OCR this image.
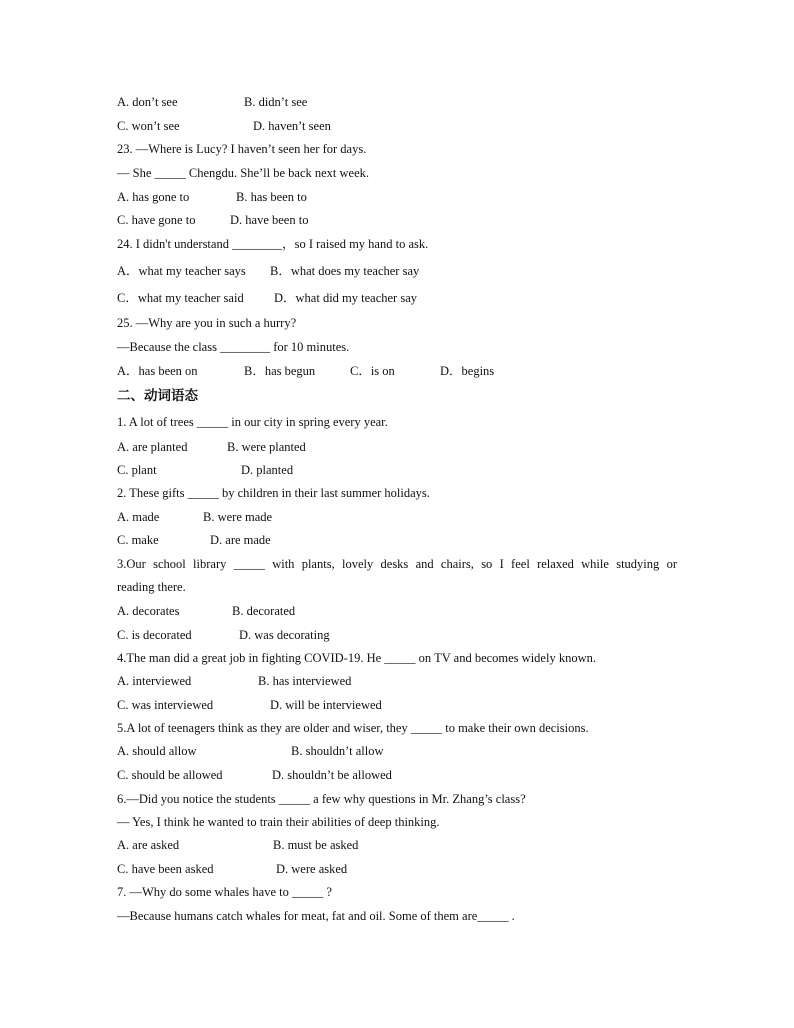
A. don’t see	B. didn’t see
C. won’t see	D. haven’t seen
23. —Where is Lucy? I haven’t seen her for days.
— She _____ Chengdu. She’ll be back next week.
A. has gone to	B. has been to
C. have gone to	D. have been to
24. I didn't understand ________，so I raised my hand to ask.
A．what my teacher says B．what does my teacher say
C．what my teacher said D．what did my teacher say
25. —Why are you in such a hurry?
—Because the class ________ for 10 minutes.
A．has been on	B．has begun	C．is on	D．begins
二、动词语态
1. A lot of trees _____ in our city in spring every year.
A. are planted	B. were planted
C. plant	D. planted
2. These gifts _____ by children in their last summer holidays.
A. made	B. were made
C. make	D. are made
3.Our school library _____ with plants, lovely desks and chairs, so I feel relaxed while studying or
reading there.
A. decorates	B. decorated
C. is decorated	D. was decorating
4.The man did a great job in fighting COVID-19. He _____ on TV and becomes widely known.
A. interviewed	B. has interviewed
C. was interviewed	D. will be interviewed
5.A lot of teenagers think as they are older and wiser, they _____ to make their own decisions.
A. should allow	B. shouldn’t allow
C. should be allowed	D. shouldn’t be allowed
6.—Did you notice the students _____ a few why questions in Mr. Zhang’s class?
— Yes, I think he wanted to train their abilities of deep thinking.
A. are asked	B. must be asked
C. have been asked	D. were asked
7. —Why do some whales have to _____ ?
—Because humans catch whales for meat, fat and oil. Some of them are_____ .
